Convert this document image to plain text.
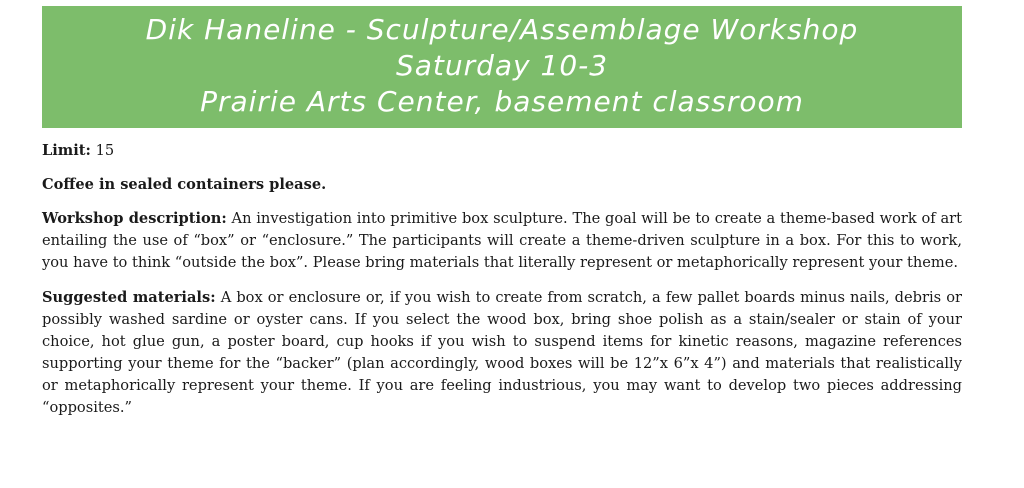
Dik Haneline - Sculpture/Assemblage Workshop
Saturday 10-3
Prairie Arts Center, basement classroom

Limit: 15

Coffee in sealed containers please.

Workshop description: An investigation into primitive box sculpture. The goal will be to create a theme-based work of art entailing the use of “box” or “enclosure.” The participants will create a theme-driven sculpture in a box. For this to work, you have to think “outside the box”. Please bring materials that literally represent or metaphorically represent your theme.

Suggested materials: A box or enclosure or, if you wish to create from scratch, a few pallet boards minus nails, debris or possibly washed sardine or oyster cans. If you select the wood box, bring shoe polish as a stain/sealer or stain of your choice, hot glue gun, a poster board, cup hooks if you wish to suspend items for kinetic reasons, magazine references supporting your theme for the “backer” (plan accordingly, wood boxes will be 12”x 6”x 4”) and materials that realistically or metaphorically represent your theme. If you are feeling industrious, you may want to develop two pieces addressing “opposites.”
